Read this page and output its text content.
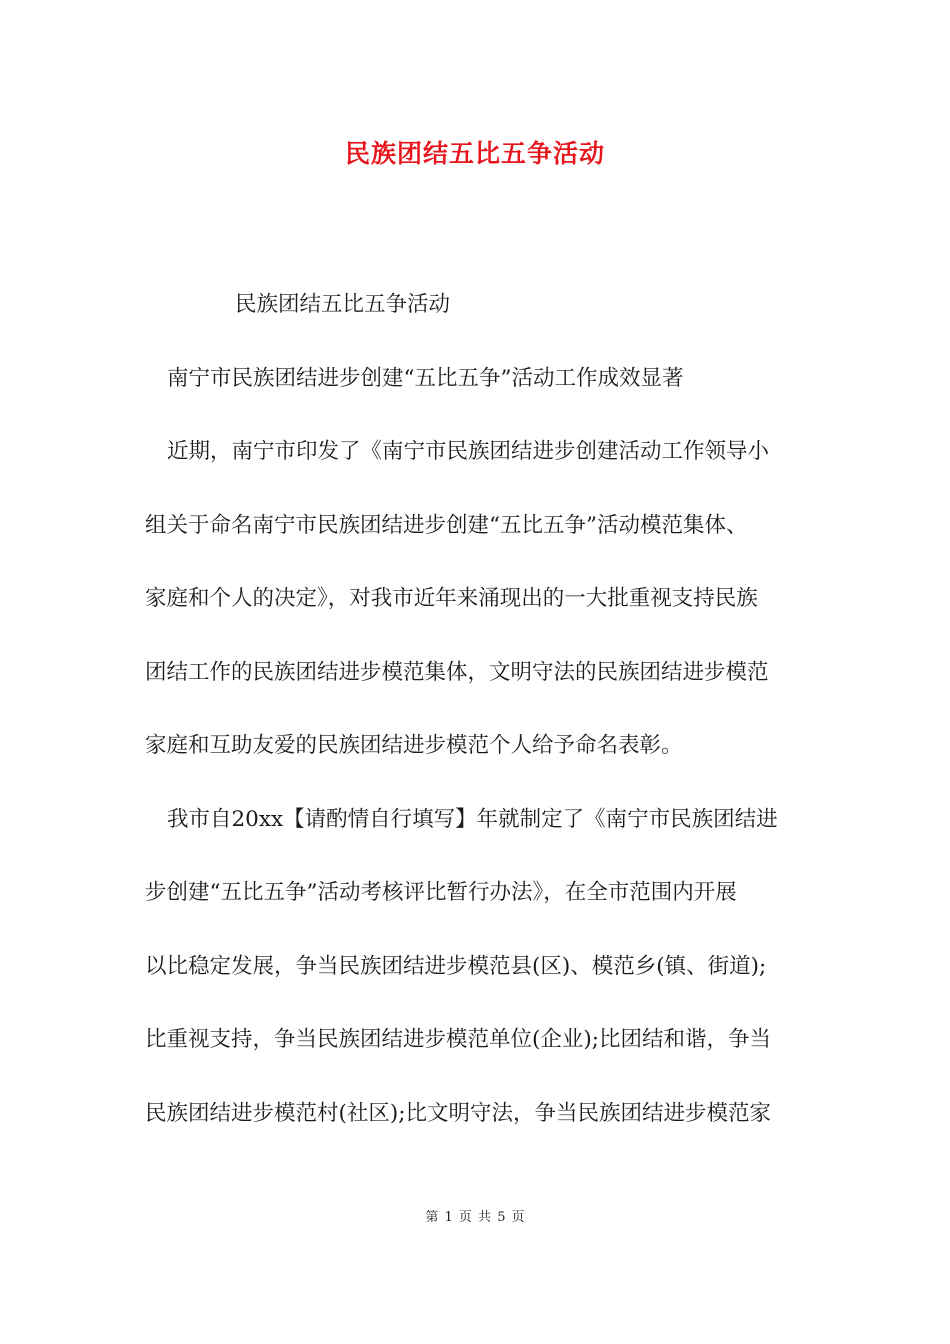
民族团结五比五争活动
民族团结五比五争活动
南宁市民族团结进步创建“五比五争”活动工作成效显著
近期，南宁市印发了《南宁市民族团结进步创建活动工作领导小
组关于命名南宁市民族团结进步创建“五比五争”活动模范集体、
家庭和个人的决定》，对我市近年来涌现出的一大批重视支持民族
团结工作的民族团结进步模范集体，文明守法的民族团结进步模范
家庭和互助友爱的民族团结进步模范个人给予命名表彰。
我市自20xx【请酌情自行填写】年就制定了《南宁市民族团结进
步创建“五比五争”活动考核评比暂行办法》，在全市范围内开展
以比稳定发展，争当民族团结进步模范县(区)、模范乡(镇、街道);
比重视支持，争当民族团结进步模范单位(企业);比团结和谐，争当
民族团结进步模范村(社区);比文明守法，争当民族团结进步模范家
第 1 页 共 5 页
